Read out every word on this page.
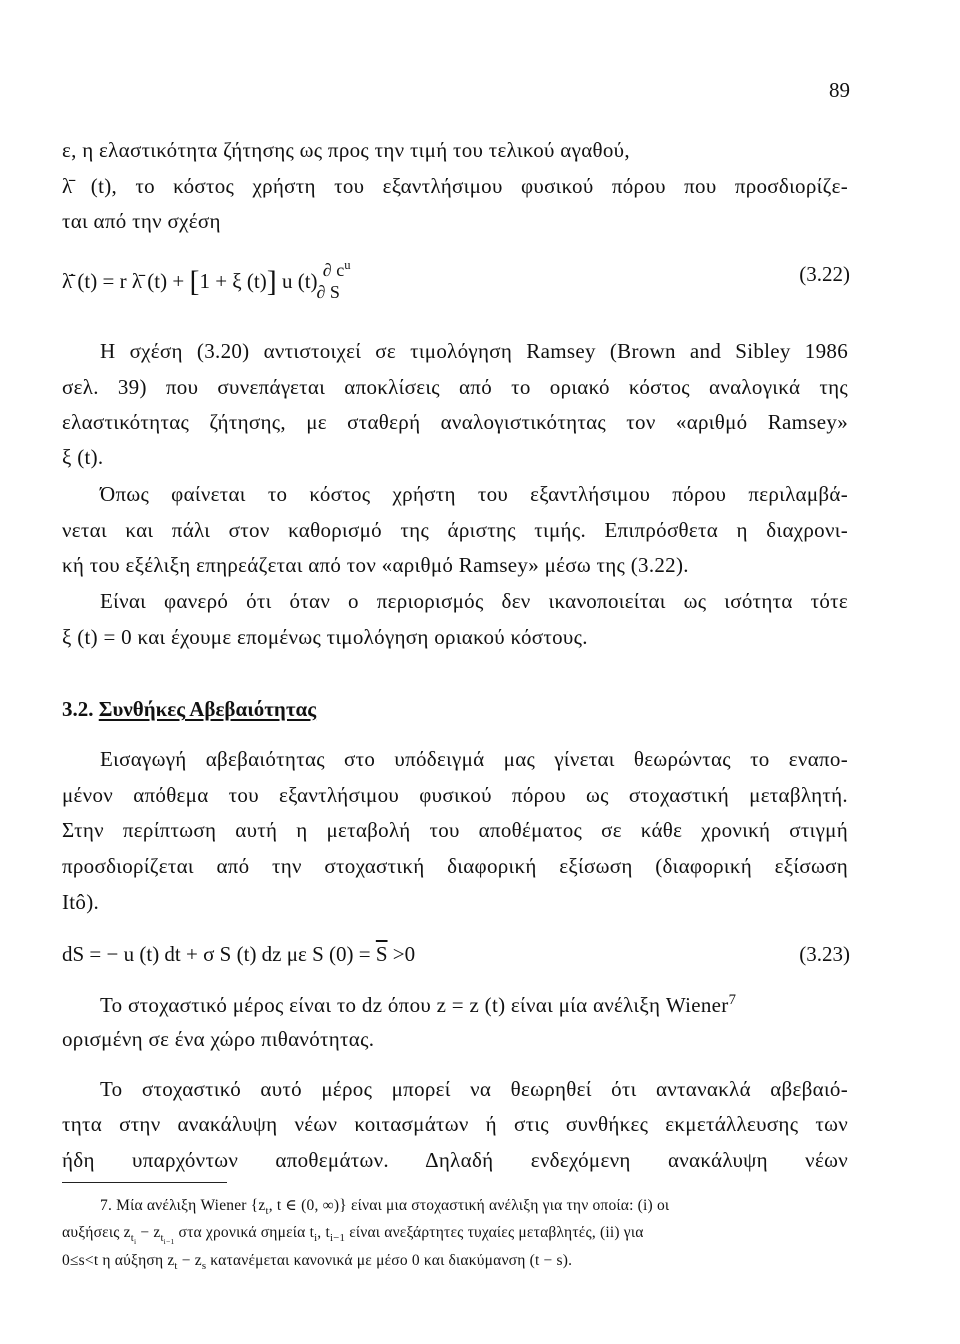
89
ε, η ελαστικότητα ζήτησης ως προς την τιμή του τελικού αγαθού,
λ̄ (t), το κόστος χρήστη του εξαντλήσιμου φυσικού πόρου που προσδιορίζε-
ται από την σχέση
λ̇̄ (t) = r λ̄ (t) + [1 + ξ (t)] u (t) ∂ $c^u\partial$ S
(3.22)
Η σχέση (3.20) αντιστοιχεί σε τιμολόγηση Ramsey (Brown and Sibley 1986
σελ. 39) που συνεπάγεται αποκλίσεις από το οριακό κόστος αναλογικά της
ελαστικότητας ζήτησης, με σταθερή αναλογιστικότητας τον «αριθμό Ramsey»
ξ (t).
Όπως φαίνεται το κόστος χρήστη του εξαντλήσιμου πόρου περιλαμβά-
νεται και πάλι στον καθορισμό της άριστης τιμής. Επιπρόσθετα η διαχρονι-
κή του εξέλιξη επηρεάζεται από τον «αριθμό Ramsey» μέσω της (3.22).
Είναι φανερό ότι όταν ο περιορισμός δεν ικανοποιείται ως ισότητα τότε
ξ (t) = 0 και έχουμε επομένως τιμολόγηση οριακού κόστους.
3.2. Συνθήκες Αβεβαιότητας
Εισαγωγή αβεβαιότητας στο υπόδειγμά μας γίνεται θεωρώντας το εναπο-
μένον απόθεμα του εξαντλήσιμου φυσικού πόρου ως στοχαστική μεταβλητή.
Στην περίπτωση αυτή η μεταβολή του αποθέματος σε κάθε χρονική στιγμή
προσδιορίζεται από την στοχαστική διαφορική εξίσωση (διαφορική εξίσωση
Itô).
dS = − u (t) dt + σ S (t) dz με S $(0) = \overline{S} >0$	(3.23)
Το στοχαστικό μέρος είναι το dz όπου z = z (t) είναι μία ανέλιξη Wiener$^7$
ορισμένη σε ένα χώρο πιθανότητας.
Το στοχαστικό αυτό μέρος μπορεί να θεωρηθεί ότι αντανακλά αβεβαιό-
τητα στην ανακάλυψη νέων κοιτασμάτων ή στις συνθήκες εκμετάλλευσης των
ήδη υπαρχόντων αποθεμάτων. Δηλαδή ενδεχόμενη ανακάλυψη νέων
7. Μία ανέλιξη Wiener {$z_t$, t ∈ (0, ∞)} είναι μια στοχαστική ανέλιξη για την οποία: (i) οι
αυξήσεις $z_{t_i} - z_{t_{i-1}}$ στα χρονικά σημεία $t_i$, $t_{i-1}$ είναι ανεξάρτητες τυχαίες μεταβλητές, (ii) για
0≤s<t η αύξηση $z_t - z_s$ κατανέμεται κανονικά με μέσο 0 και διακύμανση (t − s).
